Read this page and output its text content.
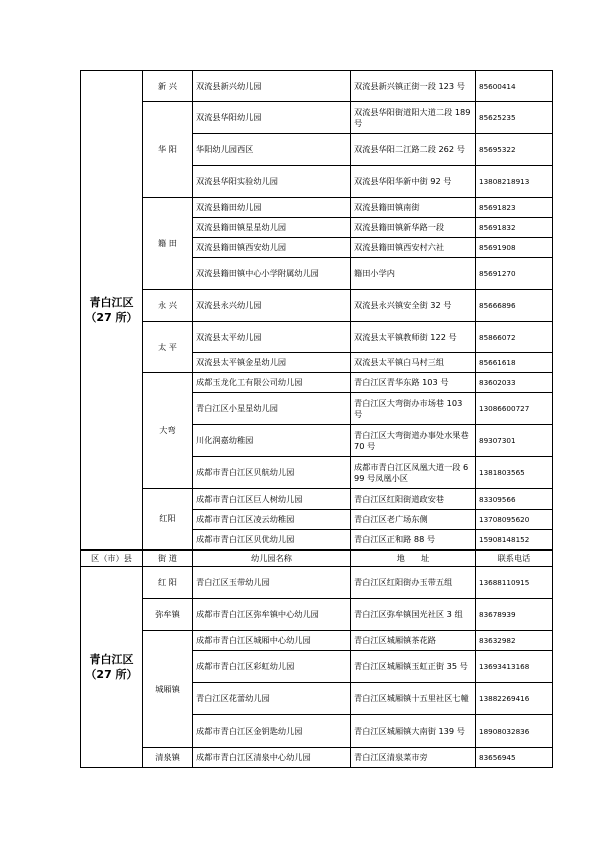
青白江区
（27 所）	新 兴	双流县新兴幼儿园	双流县新兴镇正街一段 123 号	85600414
	华 阳	双流县华阳幼儿园	双流县华阳街道阳大道二段 189 号	85625235
		华阳幼儿园西区	双流县华阳二江路二段 262 号	85695322
		双流县华阳实验幼儿园	双流县华阳华新中街 92 号	13808218913
	籍 田	双流县籍田幼儿园	双流县籍田镇南街	85691823
		双流县籍田镇星星幼儿园	双流县籍田镇新华路一段	85691832
		双流县籍田镇西安幼儿园	双流县籍田镇西安村六社	85691908
		双流县籍田镇中心小学附属幼儿园	籍田小学内	85691270
	永 兴	双流县永兴幼儿园	双流县永兴镇安全街 32 号	85666896
	太 平	双流县太平幼儿园	双流县太平镇教师街 122 号	85866072
		双流县太平镇金星幼儿园	双流县太平镇白马村三组	85661618
	大弯	成都玉龙化工有限公司幼儿园	青白江区青华东路 103 号	83602033
		青白江区小星星幼儿园	青白江区大弯街办市场巷 103 号	13086600727
		川化润嘉幼稚园	青白江区大弯街道办事处水果巷 70 号	89307301
		成都市青白江区贝航幼儿园	成都市青白江区凤凰大道一段 699 号凤凰小区	1381803565
	红阳	成都市青白江区巨人树幼儿园	青白江区红阳街道政安巷	83309566
		成都市青白江区凌云幼稚园	青白江区老广场东侧	13708095620
		成都市青白江区贝优幼儿园	青白江区正和路 88 号	15908148152
区（市）县	街 道	幼儿园名称	地　　址	联系电话

青白江区
（27 所）	红 阳	青白江区玉带幼儿园	青白江区红阳街办玉带五组	13688110915
	弥牟镇	成都市青白江区弥牟镇中心幼儿园	青白江区弥牟镇国光社区 3 组	83678939
	城厢镇	成都市青白江区城厢中心幼儿园	青白江区城厢镇茶花路	83632982
		成都市青白江区彩虹幼儿园	青白江区城厢镇玉虹正街 35 号	13693413168
		青白江区花蕾幼儿园	青白江区城厢镇十五里社区七幢	13882269416
		成都市青白江区金钥匙幼儿园	青白江区城厢镇大南街 139 号	18908032836
	清泉镇	成都市青白江区清泉中心幼儿园	青白江区清泉菜市旁	83656945
